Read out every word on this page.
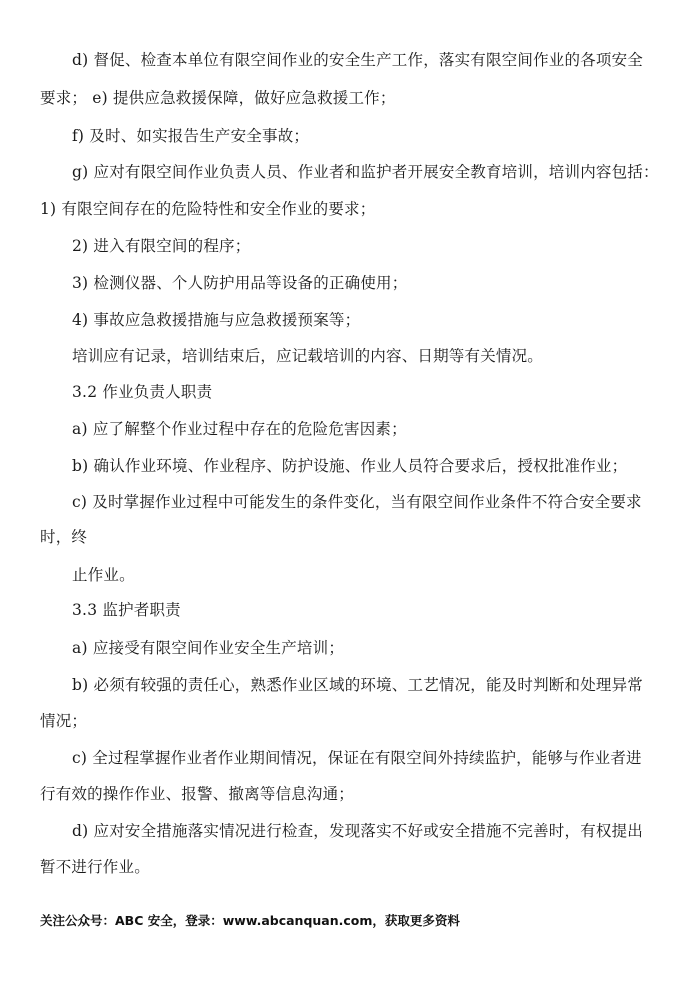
d) 督促、检查本单位有限空间作业的安全生产工作，落实有限空间作业的各项安全
要求； e) 提供应急救援保障，做好应急救援工作；
f) 及时、如实报告生产安全事故；
g) 应对有限空间作业负责人员、作业者和监护者开展安全教育培训，培训内容包括：
1) 有限空间存在的危险特性和安全作业的要求；
2) 进入有限空间的程序；
3) 检测仪器、个人防护用品等设备的正确使用；
4) 事故应急救援措施与应急救援预案等；
培训应有记录，培训结束后，应记载培训的内容、日期等有关情况。
3.2 作业负责人职责
a) 应了解整个作业过程中存在的危险危害因素；
b) 确认作业环境、作业程序、防护设施、作业人员符合要求后，授权批准作业；
c) 及时掌握作业过程中可能发生的条件变化，当有限空间作业条件不符合安全要求
时，终
止作业。
3.3 监护者职责
a) 应接受有限空间作业安全生产培训；
b) 必须有较强的责任心，熟悉作业区域的环境、工艺情况，能及时判断和处理异常
情况；
c) 全过程掌握作业者作业期间情况，保证在有限空间外持续监护，能够与作业者进
行有效的操作作业、报警、撤离等信息沟通；
d) 应对安全措施落实情况进行检查，发现落实不好或安全措施不完善时，有权提出
暂不进行作业。
关注公众号：ABC 安全，登录：www.abcanquan.com，获取更多资料
